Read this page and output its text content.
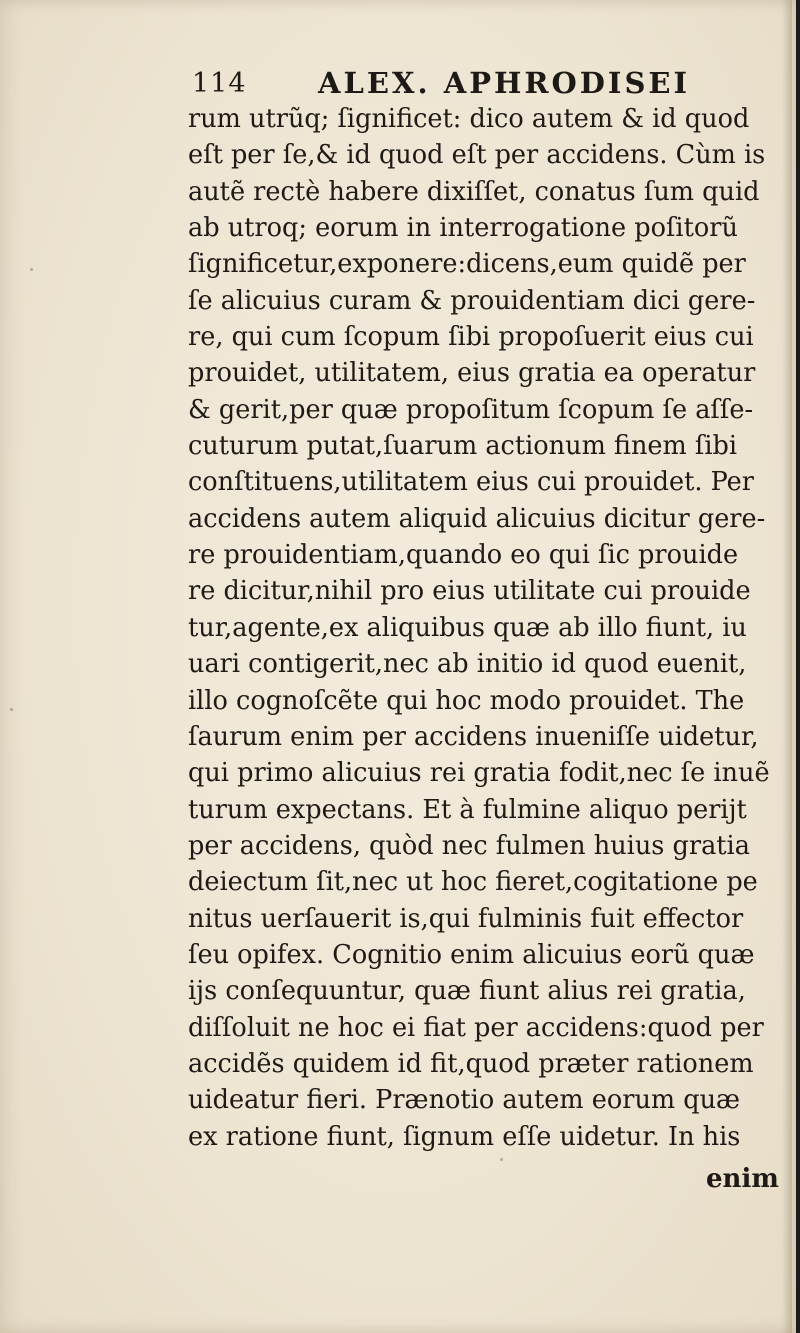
114 ALEX. APHRODISEI
rum utrũq; ſignificet: dico autem & id quod
eſt per ſe,& id quod eſt per accidens. Cùm is
autẽ rectè habere dixiſſet, conatus ſum quid
ab utroq; eorum in interrogatione poſitorũ
ſignificetur,exponere:dicens,eum quidẽ per
ſe alicuius curam & prouidentiam dici gere-
re, qui cum ſcopum ſibi propoſuerit eius cui
prouidet, utilitatem, eius gratia ea operatur
& gerit,per quæ propoſitum ſcopum ſe aſſe-
cuturum putat,ſuarum actionum finem ſibi
conſtituens,utilitatem eius cui prouidet. Per
accidens autem aliquid alicuius dicitur gere-
re prouidentiam,quando eo qui ſic prouide
re dicitur,nihil pro eius utilitate cui prouide
tur,agente,ex aliquibus quæ ab illo fiunt, iu
uari contigerit,nec ab initio id quod euenit,
illo cognoſcẽte qui hoc modo prouidet. The
ſaurum enim per accidens inueniſſe uidetur,
qui primo alicuius rei gratia fodit,nec ſe inuẽ
turum expectans. Et à fulmine aliquo perijt
per accidens, quòd nec fulmen huius gratia
deiectum ſit,nec ut hoc fieret,cogitatione pe
nitus uerſauerit is,qui fulminis fuit effector
ſeu opifex. Cognitio enim alicuius eorũ quæ
ijs conſequuntur, quæ fiunt alius rei gratia,
diſſoluit ne hoc ei fiat per accidens:quod per
accidẽs quidem id fit,quod præter rationem
uideatur fieri. Prænotio autem eorum quæ
ex ratione fiunt, ſignum eſſe uidetur. In his
enim
